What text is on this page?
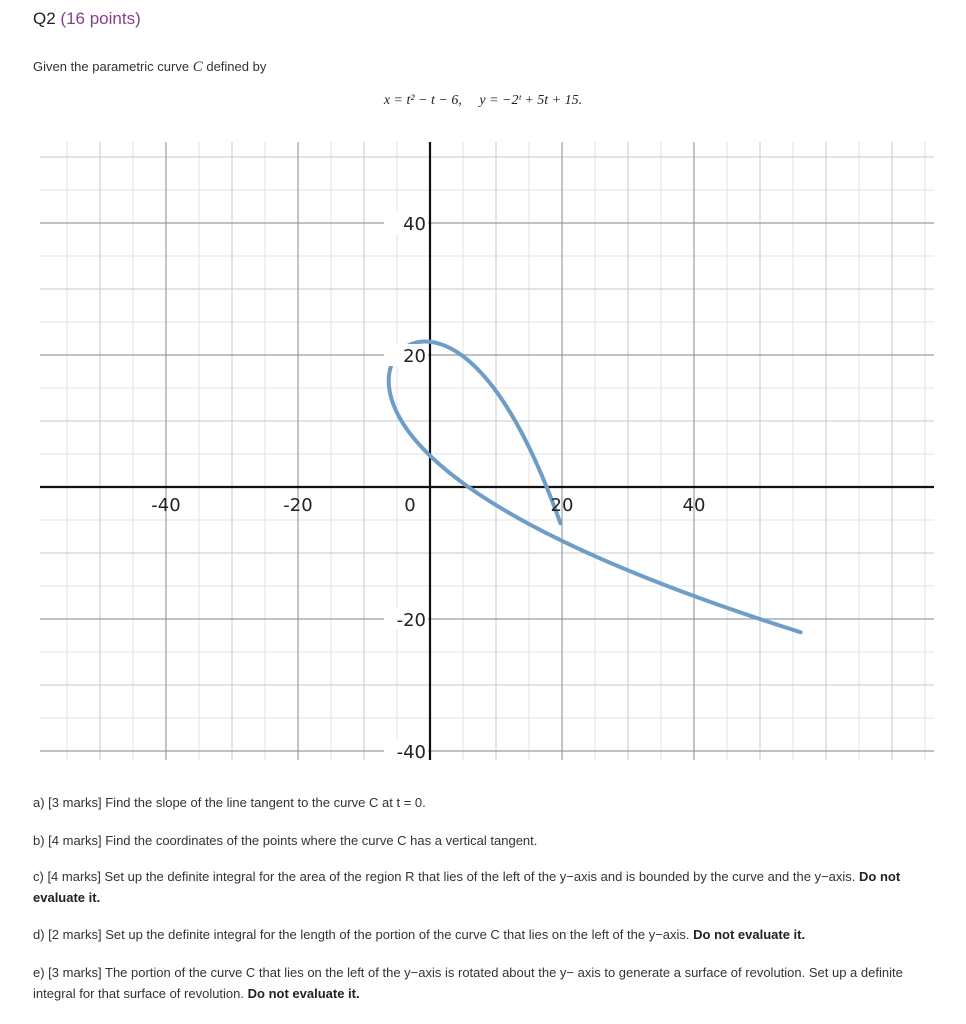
Q2 (16 points)
Given the parametric curve C defined by
x = t² − t − 6, y = −2ᵗ + 5t + 15.
-40	-20	0	20	40
40
20
-20
-40
a) [3 marks] Find the slope of the line tangent to the curve C at t = 0.
b) [4 marks] Find the coordinates of the points where the curve C has a vertical tangent.
c) [4 marks] Set up the definite integral for the area of the region R that lies of the left of the y−axis and is bounded by the curve and the y−axis. Do not evaluate it.
d) [2 marks] Set up the definite integral for the length of the portion of the curve C that lies on the left of the y−axis. Do not evaluate it.
e) [3 marks] The portion of the curve C that lies on the left of the y−axis is rotated about the y− axis to generate a surface of revolution. Set up a definite integral for that surface of revolution. Do not evaluate it.
